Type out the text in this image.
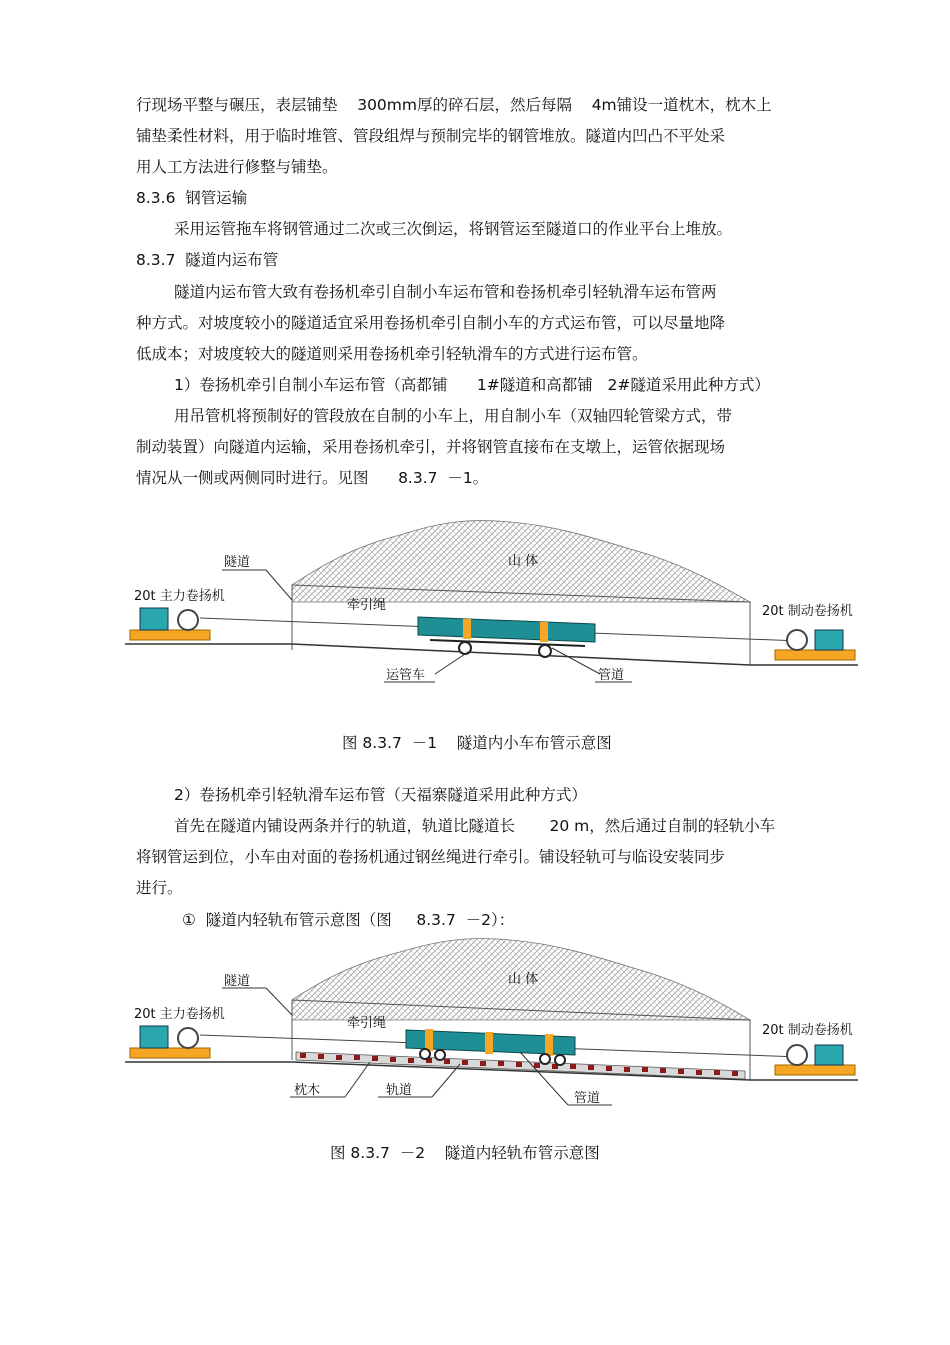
行现场平整与碾压，表层铺垫    300mm厚的碎石层，然后每隔    4m铺设一道枕木，枕木上
铺垫柔性材料，用于临时堆管、管段组焊与预制完毕的钢管堆放。隧道内凹凸不平处采
用人工方法进行修整与铺垫。
8.3.6  钢管运输
采用运管拖车将钢管通过二次或三次倒运，将钢管运至隧道口的作业平台上堆放。
8.3.7  隧道内运布管
隧道内运布管大致有卷扬机牵引自制小车运布管和卷扬机牵引轻轨滑车运布管两
种方式。对坡度较小的隧道适宜采用卷扬机牵引自制小车的方式运布管，可以尽量地降
低成本；对坡度较大的隧道则采用卷扬机牵引轻轨滑车的方式进行运布管。
1）卷扬机牵引自制小车运布管（高都铺      1#隧道和高都铺   2#隧道采用此种方式）
用吊管机将预制好的管段放在自制的小车上，用自制小车（双轴四轮管梁方式，带
制动装置）向隧道内运输，采用卷扬机牵引，并将钢管直接布在支墩上，运管依据现场
情况从一侧或两侧同时进行。见图      8.3.7  －1。
隧道	山 体
20t 主力卷扬机
牵引绳	20t 制动卷扬机
运管车	管道
图 8.3.7  －1    隧道内小车布管示意图
2）卷扬机牵引轻轨滑车运布管（天福寨隧道采用此种方式）
首先在隧道内铺设两条并行的轨道，轨道比隧道长       20 m，然后通过自制的轻轨小车
将钢管运到位，小车由对面的卷扬机通过钢丝绳进行牵引。铺设轻轨可与临设安装同步
进行。
①  隧道内轻轨布管示意图（图     8.3.7  －2）：
隧道	山 体
20t 主力卷扬机
牵引绳	20t 制动卷扬机
枕木	轨道
管道
图 8.3.7  －2    隧道内轻轨布管示意图
